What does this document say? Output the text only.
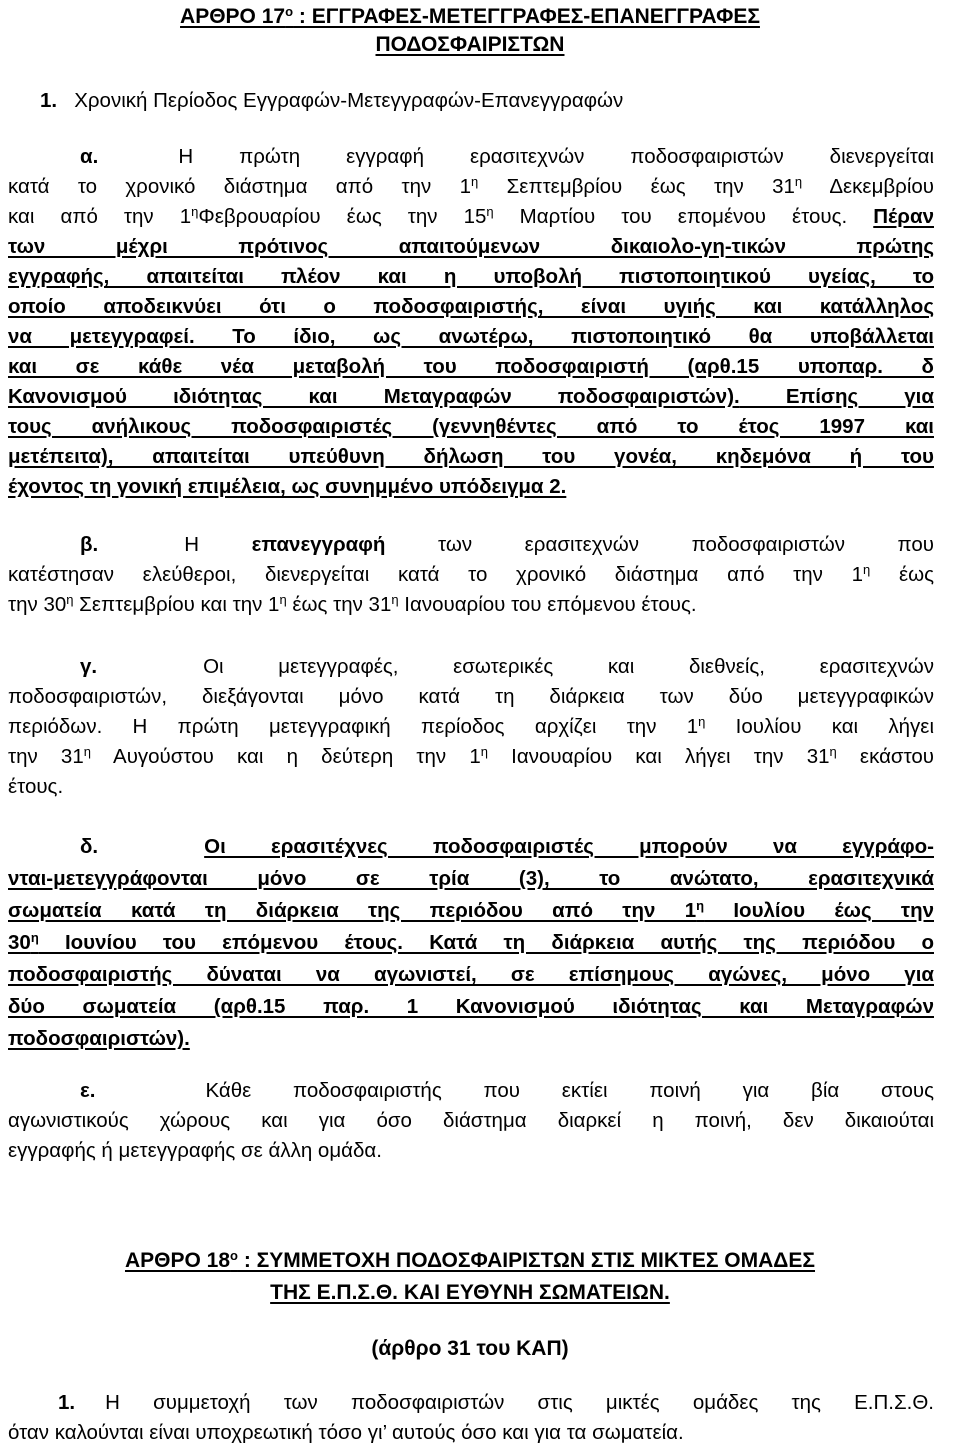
ΑΡΘΡΟ $17^o$ : ΕΓΓΡΑΦΕΣ-ΜΕΤΕΓΓΡΑΦΕΣ-ΕΠΑΝΕΓΓΡΑΦΕΣ
ΠΟΔΟΣΦΑΙΡΙΣΤΩΝ
1. Χρονική Περίοδος Εγγραφών-Μετεγγραφών-Επανεγγραφών
α.	Η πρώτη εγγραφή ερασιτεχνών ποδοσφαιριστών διενεργείται
κατά το χρονικό διάστημα από την $1^\eta$ Σεπτεμβρίου έως την $31^\eta$ Δεκεμβρίου
και από την $1^\eta\Phi\varepsilon\beta\rho o\upsilon\alpha\rho ίo\upsilon$ έως την $15^\eta$ Μαρτίου του επομένου έτους. Πέραν
των μέχρι πρότινος απαιτούμενων δικαιολο-γη-τικών πρώτης
εγγραφής, απαιτείται πλέον και η υποβολή πιστοποιητικού υγείας, το
οποίο αποδεικνύει ότι ο ποδοσφαιριστής, είναι υγιής και κατάλληλος
να μετεγγραφεί. Το ίδιο, ως ανωτέρω, πιστοποιητικό θα υποβάλλεται
και σε κάθε νέα μεταβολή του ποδοσφαιριστή (αρθ.15 υποπαρ. δ
Κανονισμού ιδιότητας και Μεταγραφών ποδοσφαιριστών). Επίσης για
τους ανήλικους ποδοσφαιριστές (γεννηθέντες από το έτος 1997 και
μετέπειτα), απαιτείται υπεύθυνη δήλωση του γονέα, κηδεμόνα ή του
έχοντος τη γονική επιμέλεια, ως συνημμένο υπόδειγμα 2.
β.	Η επανεγγραφή των ερασιτεχνών ποδοσφαιριστών που
κατέστησαν ελεύθεροι, διενεργείται κατά το χρονικό διάστημα από την $1^\eta$ έως
την $30^\eta$ Σεπτεμβρίου και την $1^\eta$ έως την $31^\eta$ Ιανουαρίου του επόμενου έτους.
γ.	Οι μετεγγραφές, εσωτερικές και διεθνείς, ερασιτεχνών
ποδοσφαιριστών, διεξάγονται μόνο κατά τη διάρκεια των δύο μετεγγραφικών
περιόδων. Η πρώτη μετεγγραφική περίοδος αρχίζει την $1^\eta$ Ιουλίου και λήγει
την $31^\eta$ Αυγούστου και η δεύτερη την $1^\eta$ Ιανουαρίου και λήγει την $31^\eta$ εκάστου
έτους.
δ.	Οι ερασιτέχνες ποδοσφαιριστές μπορούν να εγγράφο-
νται-μετεγγράφονται μόνο σε τρία (3), το ανώτατο, ερασιτεχνικά
σωματεία κατά τη διάρκεια της περιόδου από την $1^\eta$ Ιουλίου έως την
$30^\eta$ Ιουνίου του επόμενου έτους. Κατά τη διάρκεια αυτής της περιόδου ο
ποδοσφαιριστής δύναται να αγωνιστεί, σε επίσημους αγώνες, μόνο για
δύο σωματεία (αρθ.15 παρ. 1 Κανονισμού ιδιότητας και Μεταγραφών
ποδοσφαιριστών).
ε.	Κάθε ποδοσφαιριστής που εκτίει ποινή για βία στους
αγωνιστικούς χώρους και για όσο διάστημα διαρκεί η ποινή, δεν δικαιούται
εγγραφής ή μετεγγραφής σε άλλη ομάδα.
ΑΡΘΡΟ $18^o$ : ΣΥΜΜΕΤΟΧΗ ΠΟΔΟΣΦΑΙΡΙΣΤΩΝ ΣΤΙΣ ΜΙΚΤΕΣ ΟΜΑΔΕΣ
ΤΗΣ Ε.Π.Σ.Θ. ΚΑΙ ΕΥΘΥΝΗ ΣΩΜΑΤΕΙΩΝ.
(άρθρο 31 του ΚΑΠ)
1. Η συμμετοχή των ποδοσφαιριστών στις μικτές ομάδες της Ε.Π.Σ.Θ.
όταν καλούνται είναι υποχρεωτική τόσο γι’ αυτούς όσο και για τα σωματεία.
